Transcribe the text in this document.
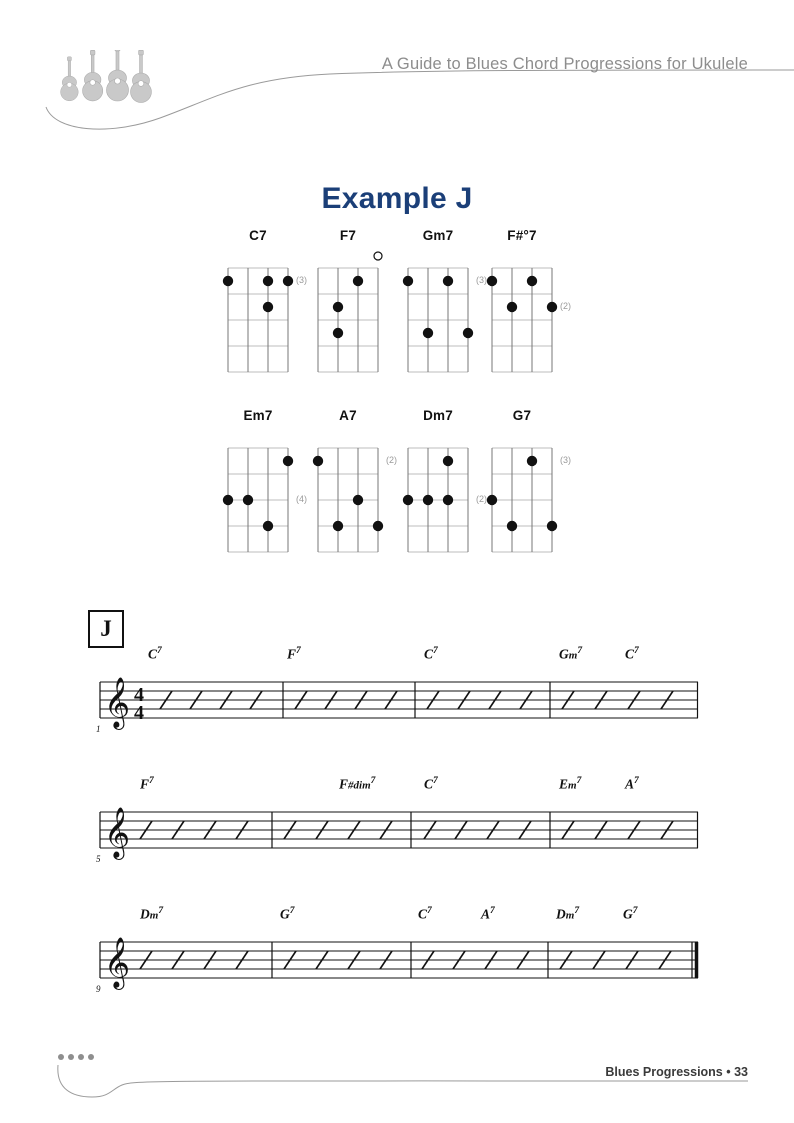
A Guide to Blues Chord Progressions for Ukulele
Example J
C7
(3)
F7	Gm7
(3)
F#°7
(2)
Em7
(4)
A7
(2)
Dm7
(2)
G7
(3)
J
$C^7$	$F^7$	$C^7$	Gm$^7$	$C^7$
𝄞 4
4
1
$F^7$	F#dim$^7$	$C^7$	Em$^7$	$A^7$
𝄞
5
Dm$^7$	$G^7$	$C^7$	$A^7$	Dm$^7$	$G^7$
𝄞
9
Blues Progressions • 33
